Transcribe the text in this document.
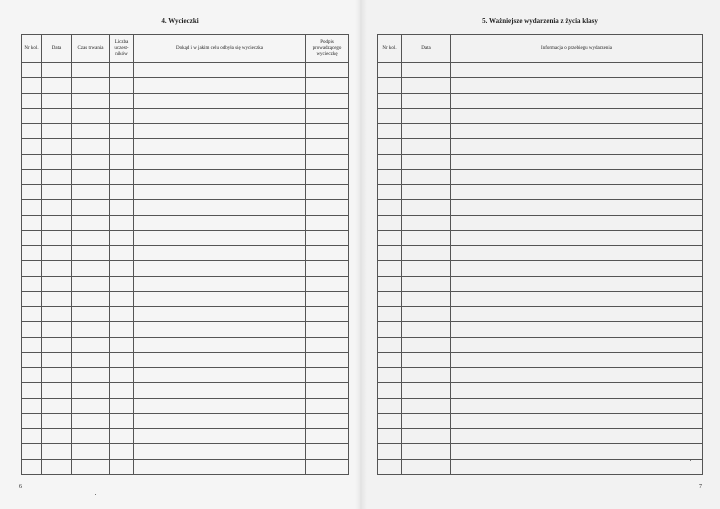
4. Wycieczki
Nr kol.	Data	Czas trwania	Liczba uczest- ników	Dokąd i w jakim celu odbyła się wycieczka	Podpis prowadzącego wycieczkę

6
5. Ważniejsze wydarzenia z życia klasy
Nr kol.	Data	Informacja o przebiegu wydarzenia

7
